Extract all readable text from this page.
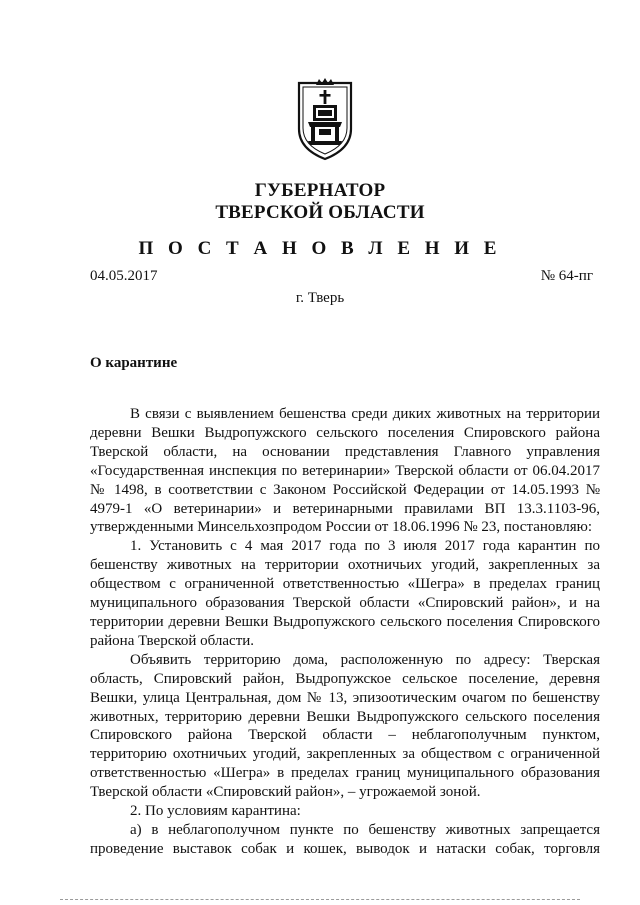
ГУБЕРНАТОР
ТВЕРСКОЙ ОБЛАСТИ
П О С Т А Н О В Л Е Н И Е
04.05.2017	№ 64-пг
г. Тверь
О карантине

В связи с выявлением бешенства среди диких животных на территории деревни Вешки Выдропужского сельского поселения Спировского района Тверской области, на основании представления Главного управления «Государственная инспекция по ветеринарии» Тверской области от 06.04.2017 № 1498, в соответствии с Законом Российской Федерации от 14.05.1993 № 4979-1 «О ветеринарии» и ветеринарными правилами ВП 13.3.1103-96, утвержденными Минсельхозпродом России от 18.06.1996 № 23, постановляю:

1. Установить с 4 мая 2017 года по 3 июля 2017 года карантин по бешенству животных на территории охотничьих угодий, закрепленных за обществом с ограниченной ответственностью «Шегра» в пределах границ муниципального образования Тверской области «Спировский район», и на территории деревни Вешки Выдропужского сельского поселения Спировского района Тверской области.

Объявить территорию дома, расположенную по адресу: Тверская область, Спировский район, Выдропужское сельское поселение, деревня Вешки, улица Центральная, дом № 13, эпизоотическим очагом по бешенству животных, территорию деревни Вешки Выдропужского сельского поселения Спировского района Тверской области – неблагополучным пунктом, территорию охотничьих угодий, закрепленных за обществом с ограниченной ответственностью «Шегра» в пределах границ муниципального образования Тверской области «Спировский район», – угрожаемой зоной.

2. По условиям карантина:

а) в неблагополучном пункте по бешенству животных запрещается проведение выставок собак и кошек, выводок и натаски собак, торговля
